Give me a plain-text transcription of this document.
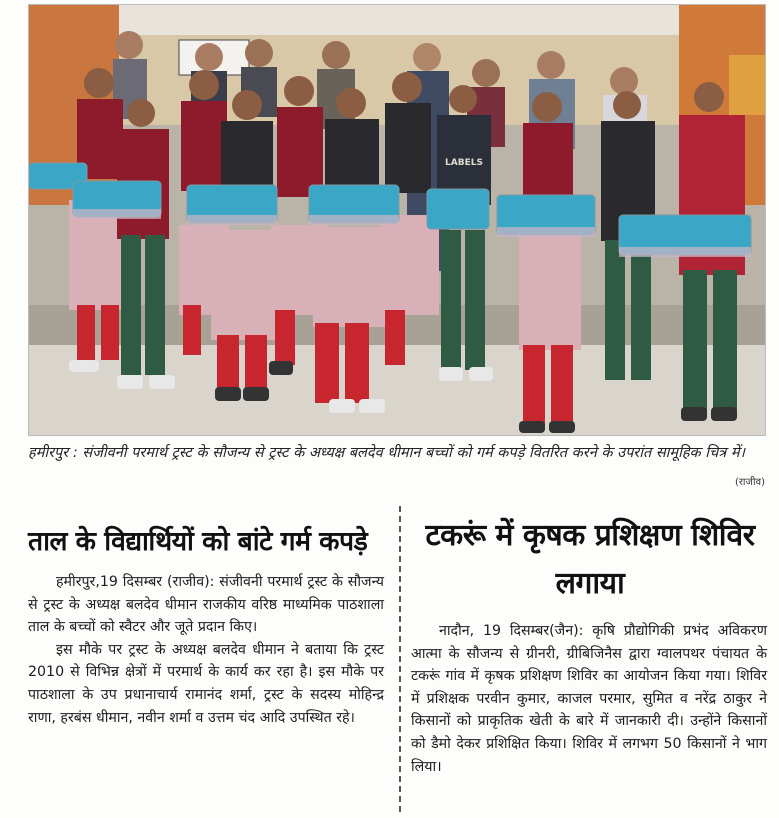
LABELS
हमीरपुर : संजीवनी परमार्थ ट्रस्ट के सौजन्य से ट्रस्ट के अध्यक्ष बलदेव धीमान बच्चों को गर्म कपड़े वितरित करने के उपरांत सामूहिक चित्र में।
(राजीव)
ताल के विद्यार्थियों को बांटे गर्म कपड़े

हमीरपुर,19 दिसम्बर (राजीव): संजीवनी परमार्थ ट्रस्ट के सौजन्य से ट्रस्ट के अध्यक्ष बलदेव धीमान राजकीय वरिष्ठ माध्यमिक पाठशाला ताल के बच्चों को स्वैटर और जूते प्रदान किए।

इस मौके पर ट्रस्ट के अध्यक्ष बलदेव धीमान ने बताया कि ट्रस्ट 2010 से विभिन्न क्षेत्रों में परमार्थ के कार्य कर रहा है। इस मौके पर पाठशाला के उप प्रधानाचार्य रामानंद शर्मा, ट्रस्ट के सदस्य मोहिन्द्र राणा, हरबंस धीमान, नवीन शर्मा व उत्तम चंद आदि उपस्थित रहे।

टकरूं में कृषक प्रशिक्षण शिविर लगाया

नादौन, 19 दिसम्बर(जैन): कृषि प्रौद्योगिकी प्रभंद अविकरण आत्मा के सौजन्य से ग्रीनरी, ग्रीबिजिनैस द्वारा ग्वालपथर पंचायत के टकरूं गांव में कृषक प्रशिक्षण शिविर का आयोजन किया गया। शिविर में प्रशिक्षक परवीन कुमार, काजल परमार, सुमित व नरेंद्र ठाकुर ने किसानों को प्राकृतिक खेती के बारे में जानकारी दी। उन्होंने किसानों को डैमो देकर प्रशिक्षित किया। शिविर में लगभग 50 किसानों ने भाग लिया।
